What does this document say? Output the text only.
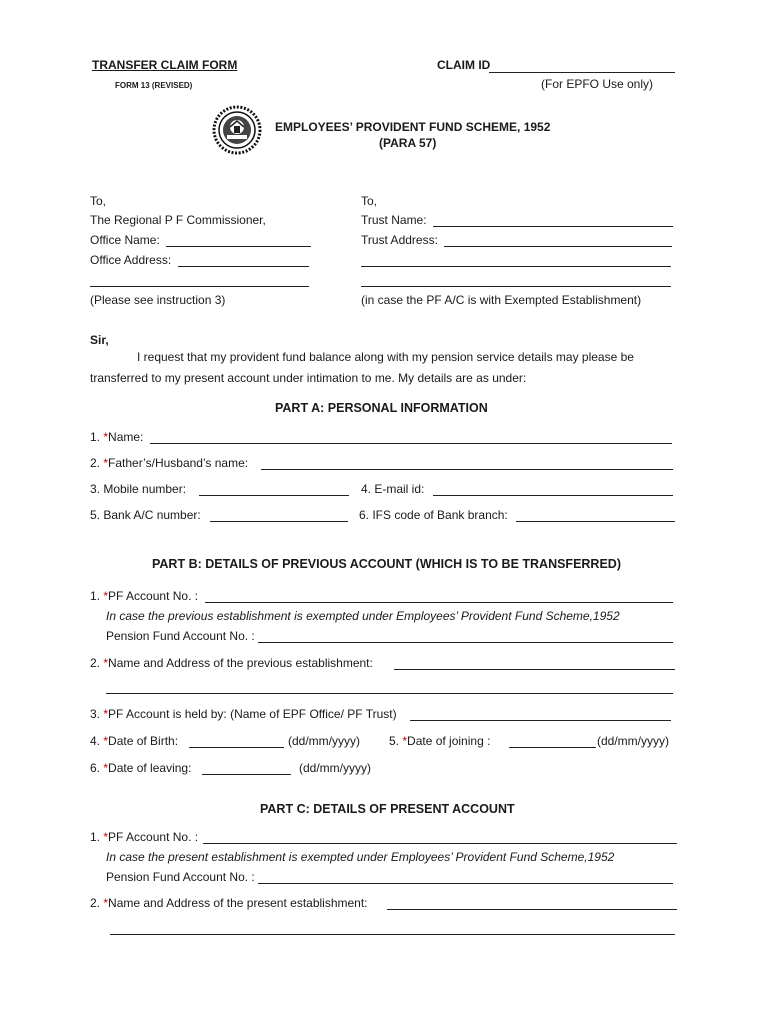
TRANSFER CLAIM FORM
FORM 13 (REVISED)
CLAIM ID
(For EPFO Use only)
EMPLOYEES’ PROVIDENT FUND SCHEME, 1952
(PARA 57)
To,
The Regional P F Commissioner,
Office Name:
Office Address:
(Please see instruction 3)
To,
Trust Name:
Trust Address:
(in case the PF A/C is with Exempted Establishment)
Sir,
I request that my provident fund balance along with my pension service details may please be
transferred to my present account under intimation to me. My details are as under:
PART A: PERSONAL INFORMATION
1. *Name:
2. *Father’s/Husband’s name:
3. Mobile number:	4. E-mail id:
5. Bank A/C number:	6. IFS code of Bank branch:
PART B: DETAILS OF PREVIOUS ACCOUNT (WHICH IS TO BE TRANSFERRED)
1. *PF Account No. :
In case the previous establishment is exempted under Employees’ Provident Fund Scheme,1952
Pension Fund Account No. :
2. *Name and Address of the previous establishment:
3. *PF Account is held by: (Name of EPF Office/ PF Trust)
4. *Date of Birth:	(dd/mm/yyyy) 5. *Date of joining :	(dd/mm/yyyy)
6. *Date of leaving:	(dd/mm/yyyy)
PART C: DETAILS OF PRESENT ACCOUNT
1. *PF Account No. :
In case the present establishment is exempted under Employees’ Provident Fund Scheme,1952
Pension Fund Account No. :
2. *Name and Address of the present establishment:
